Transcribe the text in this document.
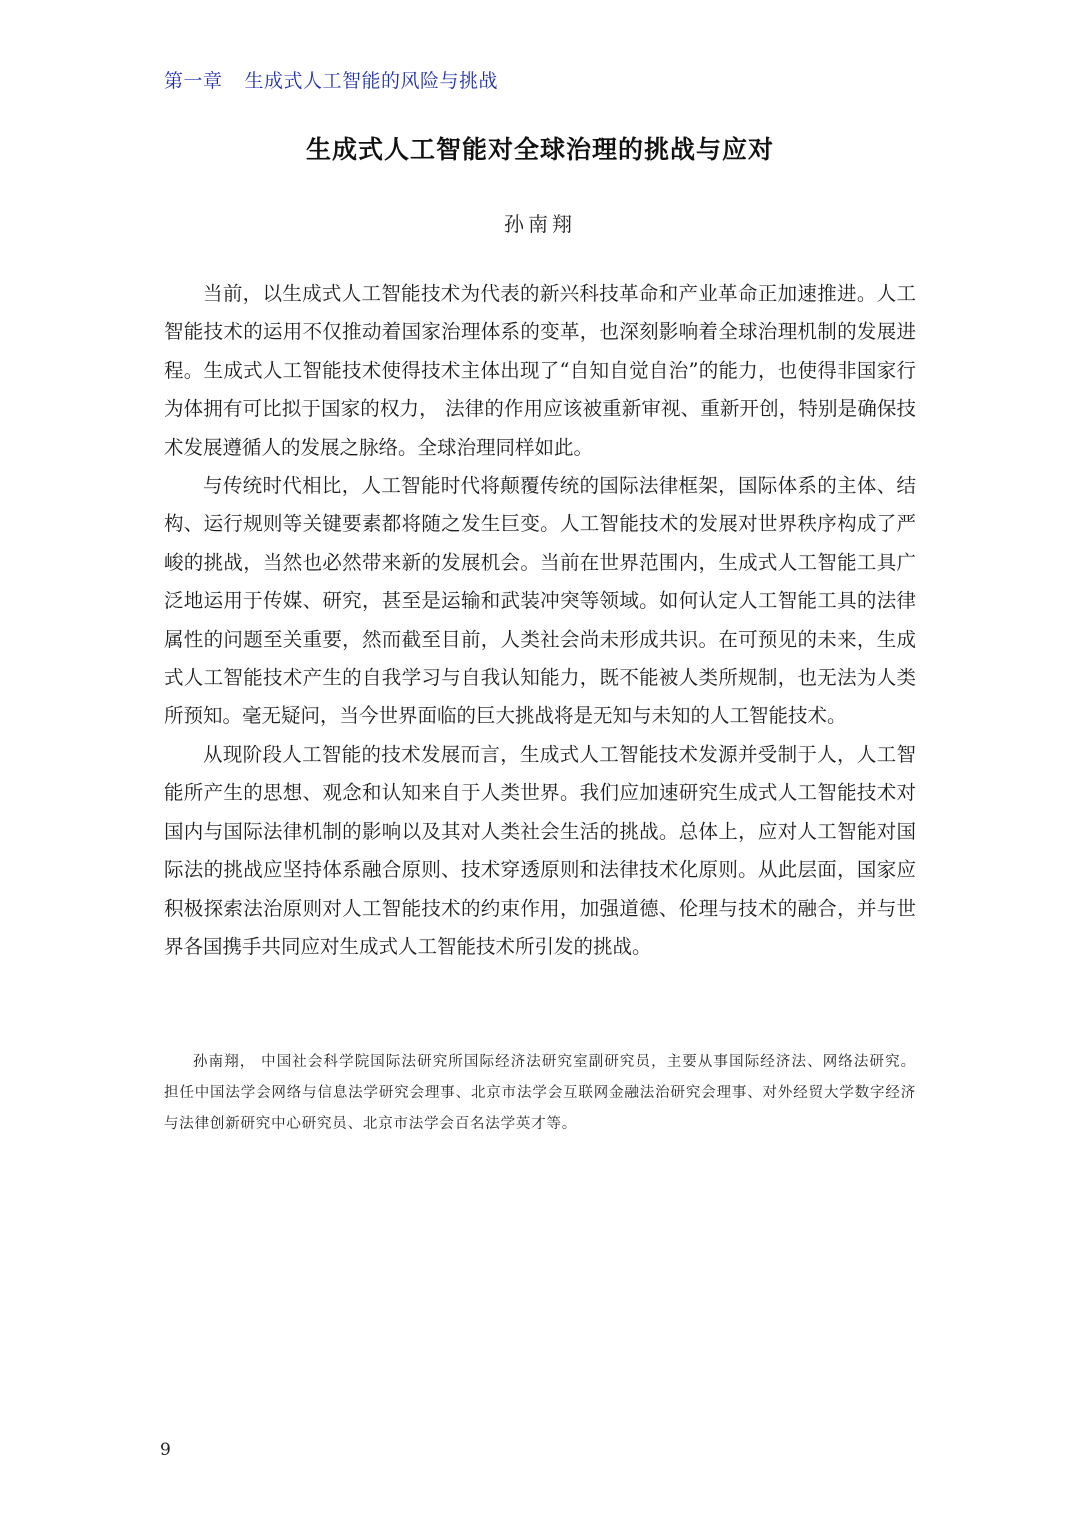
第一章 生成式人工智能的风险与挑战
生成式人工智能对全球治理的挑战与应对
孙南翔

当前，以生成式人工智能技术为代表的新兴科技革命和产业革命正加速推进。人工智能技术的运用不仅推动着国家治理体系的变革，也深刻影响着全球治理机制的发展进程。生成式人工智能技术使得技术主体出现了“自知自觉自治”的能力，也使得非国家行为体拥有可比拟于国家的权力， 法律的作用应该被重新审视、重新开创，特别是确保技术发展遵循人的发展之脉络。全球治理同样如此。

与传统时代相比，人工智能时代将颠覆传统的国际法律框架，国际体系的主体、结构、运行规则等关键要素都将随之发生巨变。人工智能技术的发展对世界秩序构成了严峻的挑战，当然也必然带来新的发展机会。当前在世界范围内，生成式人工智能工具广泛地运用于传媒、研究，甚至是运输和武装冲突等领域。如何认定人工智能工具的法律属性的问题至关重要，然而截至目前，人类社会尚未形成共识。在可预见的未来，生成式人工智能技术产生的自我学习与自我认知能力，既不能被人类所规制，也无法为人类所预知。毫无疑问，当今世界面临的巨大挑战将是无知与未知的人工智能技术。

从现阶段人工智能的技术发展而言，生成式人工智能技术发源并受制于人，人工智能所产生的思想、观念和认知来自于人类世界。我们应加速研究生成式人工智能技术对国内与国际法律机制的影响以及其对人类社会生活的挑战。总体上，应对人工智能对国际法的挑战应坚持体系融合原则、技术穿透原则和法律技术化原则。从此层面，国家应积极探索法治原则对人工智能技术的约束作用，加强道德、伦理与技术的融合，并与世界各国携手共同应对生成式人工智能技术所引发的挑战。

孙南翔， 中国社会科学院国际法研究所国际经济法研究室副研究员，主要从事国际经济法、网络法研究。担任中国法学会网络与信息法学研究会理事、北京市法学会互联网金融法治研究会理事、对外经贸大学数字经济与法律创新研究中心研究员、北京市法学会百名法学英才等。
9
